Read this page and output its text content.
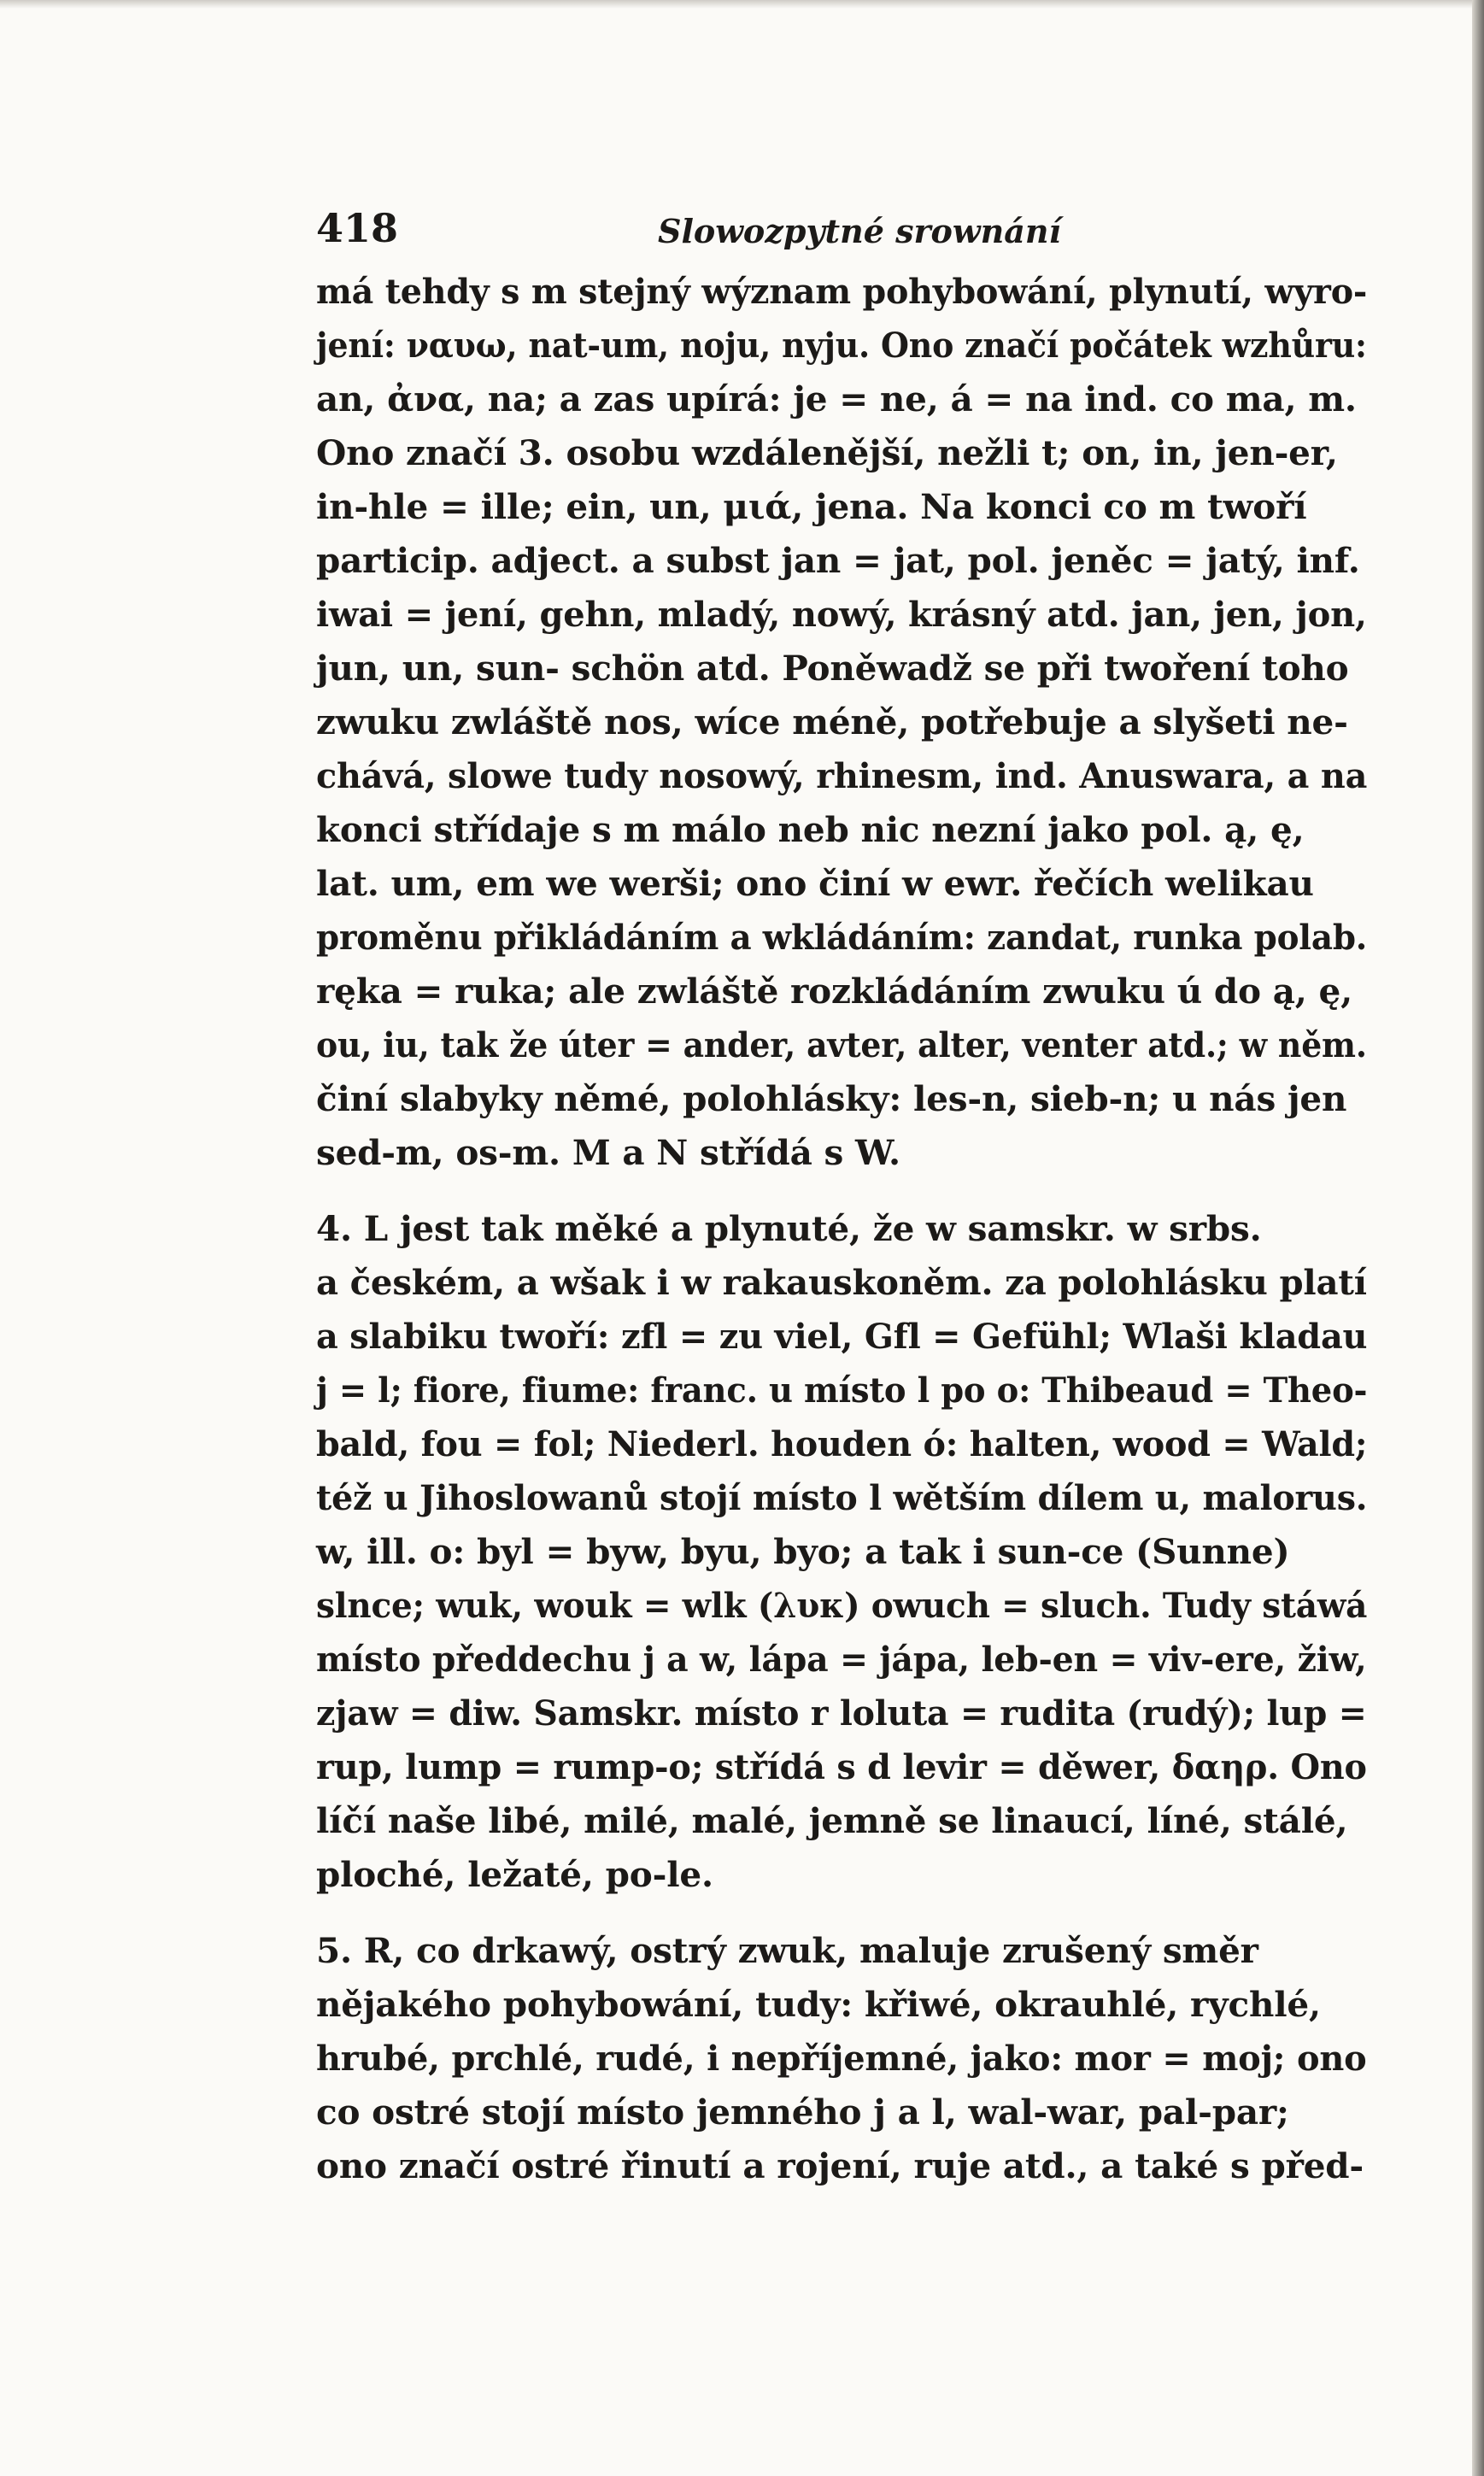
418	Slowozpytné srownání
má tehdy s m stejný wýznam pohybowání, plynutí, wyro-
jení: ναυω, nat-um, noju, nyju. Ono značí počátek wzhůru:
an, ἀνα, na; a zas upírá: je = ne, á = na ind. co ma, m.
Ono značí 3. osobu wzdálenější, nežli t; on, in, jen-er,
in-hle = ille; ein, un, μιά, jena. Na konci co m twoří
particip. adject. a subst jan = jat, pol. jeněc = jatý, inf.
iwai = jení, gehn, mladý, nowý, krásný atd. jan, jen, jon,
jun, un, sun- schön atd. Poněwadž se při twoření toho
zwuku zwláště nos, wíce méně, potřebuje a slyšeti ne-
chává, slowe tudy nosowý, rhinesm, ind. Anuswara, a na
konci střídaje s m málo neb nic nezní jako pol. ą, ę,
lat. um, em we werši; ono činí w ewr. řečích welikau
proměnu přikládáním a wkládáním: zandat, runka polab.
ręka = ruka; ale zwláště rozkládáním zwuku ú do ą, ę,
ou, iu, tak že úter = ander, avter, alter, venter atd.; w něm.
činí slabyky němé, polohlásky: les-n, sieb-n; u nás jen
sed-m, os-m. M a N střídá s W.
4. L jest tak měké a plynuté, že w samskr. w srbs.
a českém, a wšak i w rakauskoněm. za polohlásku platí
a slabiku twoří: zfl = zu viel, Gfl = Gefühl; Wlaši kladau
j = l; fiore, fiume: franc. u místo l po o: Thibeaud = Theo-
bald, fou = fol; Niederl. houden ó: halten, wood = Wald;
též u Jihoslowanů stojí místo l wětším dílem u, malorus.
w, ill. o: byl = byw, byu, byo; a tak i sun-ce (Sunne)
slnce; wuk, wouk = wlk (λυκ) owuch = sluch. Tudy stáwá
místo předdechu j a w, lápa = jápa, leb-en = viv-ere, žiw,
zjaw = diw. Samskr. místo r loluta = rudita (rudý); lup =
rup, lump = rump-o; střídá s d levir = děwer, δαηρ. Ono
líčí naše libé, milé, malé, jemně se linaucí, líné, stálé,
ploché, ležaté, po-le.
5. R, co drkawý, ostrý zwuk, maluje zrušený směr
nějakého pohybowání, tudy: křiwé, okrauhlé, rychlé,
hrubé, prchlé, rudé, i nepříjemné, jako: mor = moj; ono
co ostré stojí místo jemného j a l, wal-war, pal-par;
ono značí ostré řinutí a rojení, ruje atd., a také s před-
